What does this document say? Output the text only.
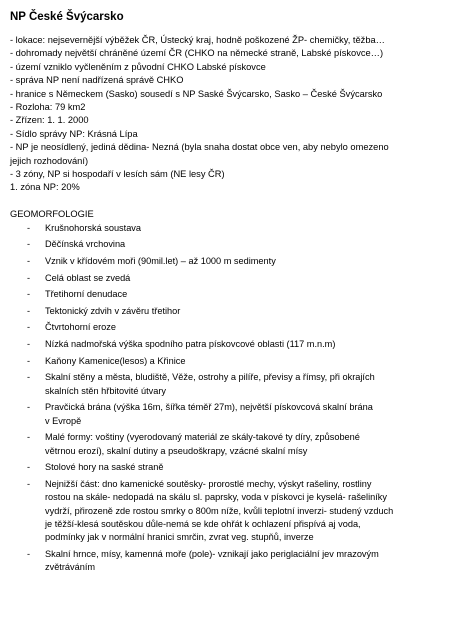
NP České Švýcarsko
- lokace: nejsevernější výběžek ČR, Ústecký kraj, hodně poškozené ŽP- chemičky, těžba…
- dohromady největší chráněné území ČR (CHKO na německé straně, Labské pískovce…)
- území vzniklo vyčleněním z původní CHKO Labské pískovce
- správa NP není nadřízená správě CHKO
- hranice s Německem (Sasko) sousedí s NP Saské Švýcarsko, Sasko – České Švýcarsko
- Rozloha: 79 km2
- Zřízen: 1. 1. 2000
- Sídlo správy NP: Krásná Lípa
- NP je neosídlený, jediná dědina- Nezná (byla snaha dostat obce ven, aby nebylo omezeno
jejich rozhodování)
- 3 zóny, NP si hospodaří v lesích sám (NE lesy ČR)
1. zóna NP: 20%
GEOMORFOLOGIE
- Krušnohorská soustava
- Děčínská vrchovina
- Vznik v křídovém moři (90mil.let) – až 1000 m sedimenty
- Celá oblast se zvedá
- Třetihorní denudace
- Tektonický zdvih v závěru třetihor
- Čtvrtohorní eroze
- Nízká nadmořská výška spodního patra pískovcové oblasti (117 m.n.m)
- Kaňony Kamenice(lesos) a Křinice
- Skalní stěny a města, bludiště, Věže, ostrohy a pilíře, převisy a římsy, při okrajích
skalních stěn hřbitovité útvary
- Pravčická brána (výška 16m, šířka téměř 27m), největší pískovcová skalní brána
v Evropě
- Malé formy: voštiny (vyerodovaný materiál ze skály-takové ty díry, způsobené
větrnou erozí), skalní dutiny a pseudoškrapy, vzácné skalní mísy
- Stolové hory na saské straně
- Nejnižší část: dno kamenické soutěsky- prorostlé mechy, výskyt rašeliny, rostliny
rostou na skále- nedopadá na skálu sl. paprsky, voda v pískovci je kyselá- rašeliníky
vydrží, přirozeně zde rostou smrky o 800m níže, kvůli teplotní inverzi- studený vzduch
je těžší-klesá soutěskou důle-nemá se kde ohřát k ochlazení přispívá aj voda,
podmínky jak v normální hranici smrčin, zvrat veg. stupňů, inverze
- Skalní hrnce, mísy, kamenná moře (pole)- vznikají jako periglaciální jev mrazovým
zvětráváním
